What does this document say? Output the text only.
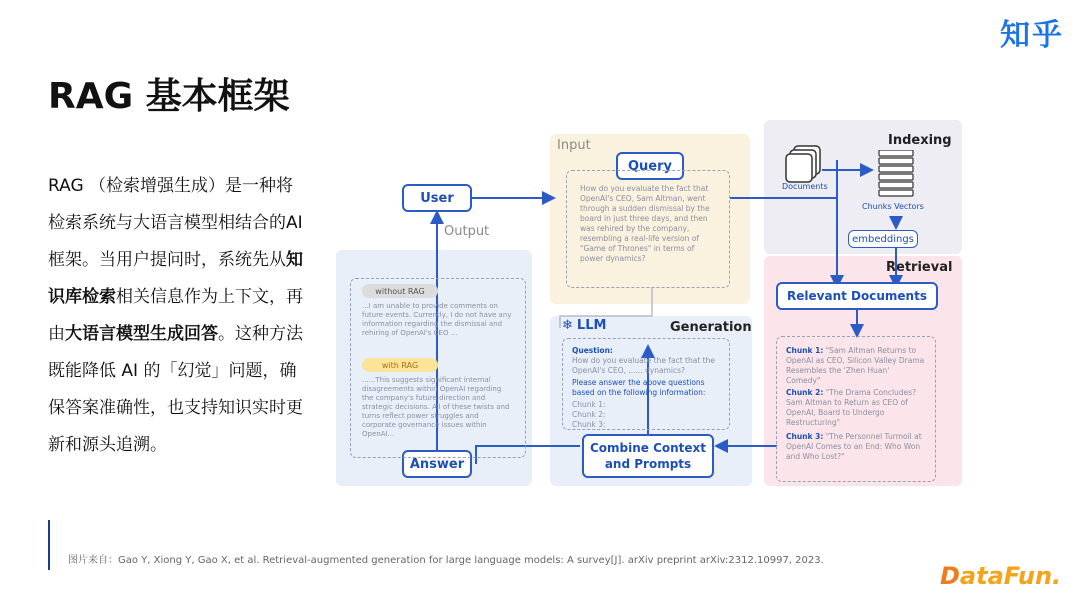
知乎
RAG 基本框架
RAG （检索增强生成）是一种将检索系统与大语言模型相结合的AI框架。当用户提问时，系统先从知识库检索相关信息作为上下文，再由大语言模型生成回答。这种方法既能降低 AI 的「幻觉」问题，确保答案准确性，也支持知识实时更新和源头追溯。
图片来自：Gao Y, Xiong Y, Gao X, et al. Retrieval-augmented generation for large language models: A survey[J]. arXiv preprint arXiv:2312.10997, 2023.
DataFun.
Input
Output
Indexing
Retrieval
Generation
User
Query
Answer
Relevant Documents
Combine Context and Prompts
embeddings
❄ LLM
How do you evaluate the fact that OpenAI's CEO, Sam Altman, went through a sudden dismissal by the board in just three days, and then was rehired by the company, resembling a real-life version of "Game of Thrones" in terms of power dynamics?
without RAG
...I am unable to provide comments on future events. Currently, I do not have any information regarding the dismissal and rehiring of OpenAI's CEO ...
with RAG
......This suggests significant internal disagreements within OpenAI regarding the company's future direction and strategic decisions. All of these twists and turns reflect power struggles and corporate governance issues within OpenAI...
Question:
How do you evaluate the fact that the OpenAI's CEO, ...... dynamics?
Please answer the above questions based on the following information:
Chunk 1:
Chunk 2:
Chunk 3:
Chunk 1: "Sam Altman Returns to OpenAI as CEO, Silicon Valley Drama Resembles the 'Zhen Huan' Comedy"
Chunk 2: "The Drama Concludes? Sam Altman to Return as CEO of OpenAI, Board to Undergo Restructuring"
Chunk 3: "The Personnel Turmoil at OpenAI Comes to an End: Who Won and Who Lost?"
Documents
Chunks Vectors
